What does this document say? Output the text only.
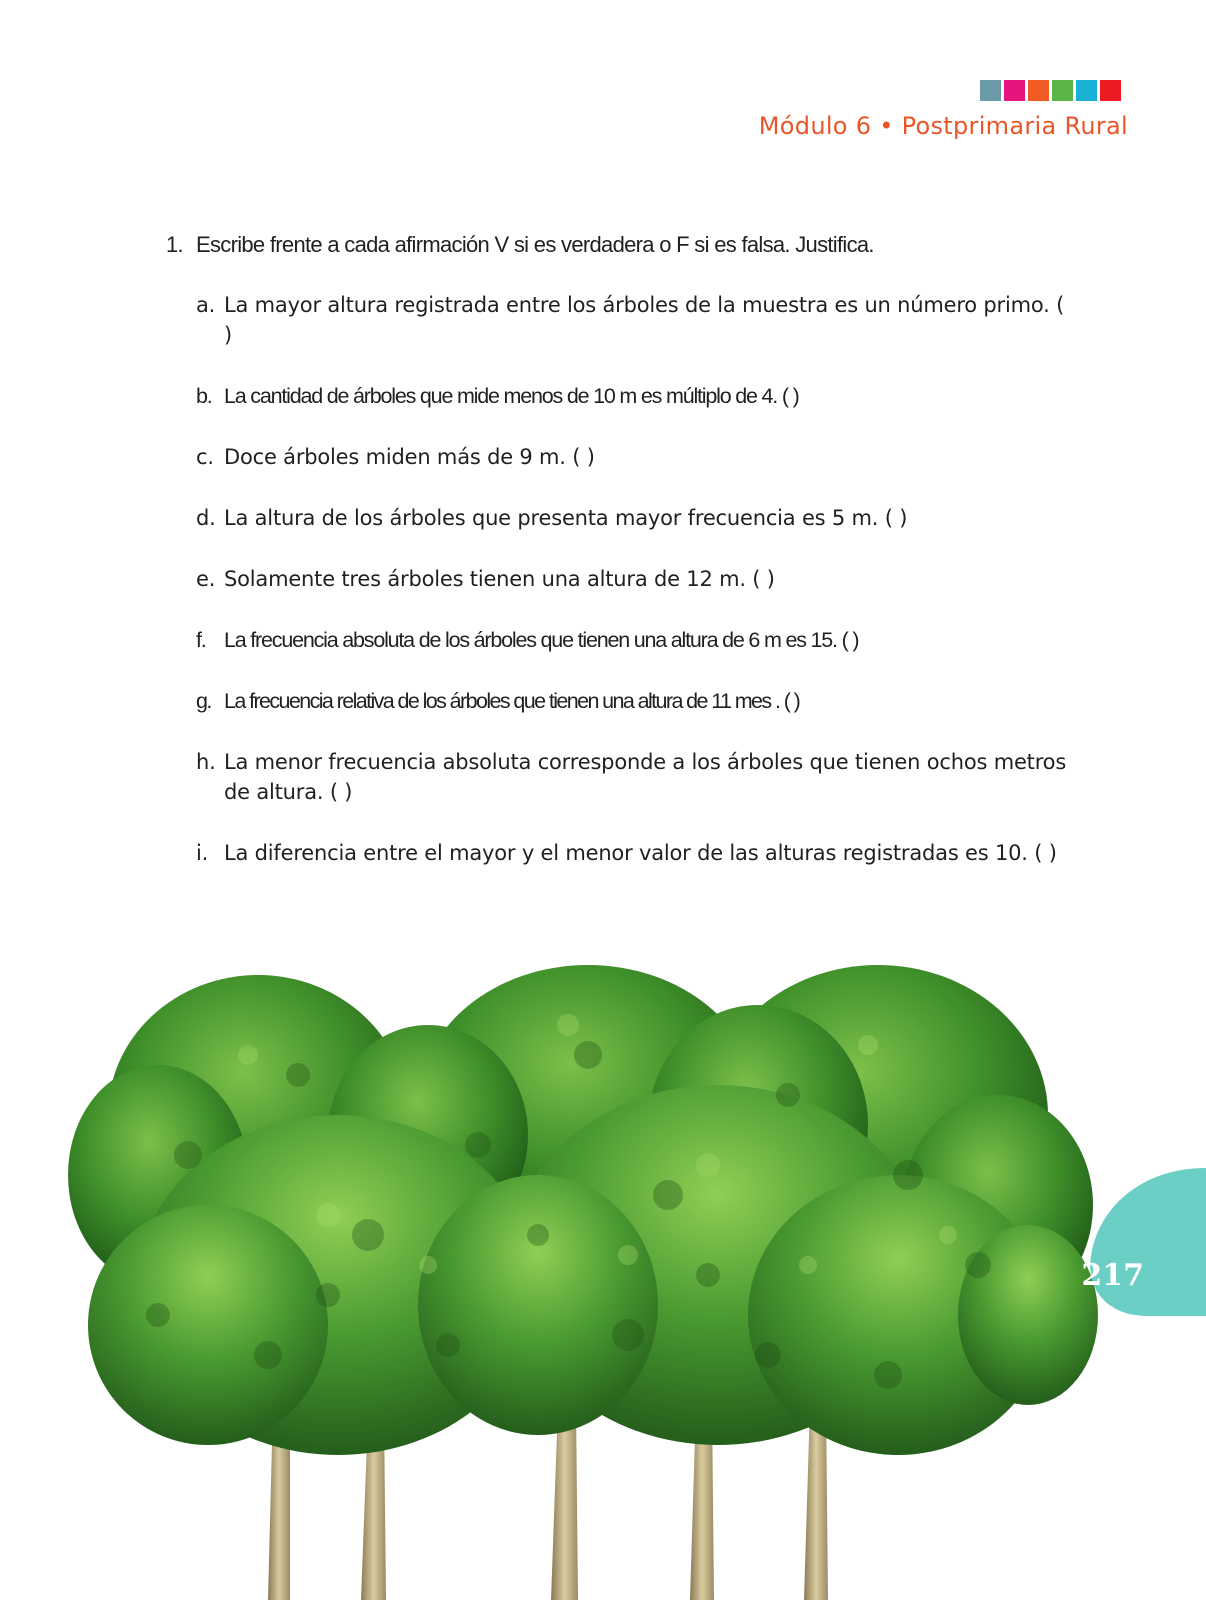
Módulo 6 • Postprimaria Rural
1. Escribe frente a cada afirmación V si es verdadera o F si es falsa. Justifica.
a. La mayor altura registrada entre los árboles de la muestra es un número primo. ( )
b. La cantidad de árboles que mide menos de 10 m es múltiplo de 4. ( )
c. Doce árboles miden más de 9 m. ( )
d. La altura de los árboles que presenta mayor frecuencia es 5 m. ( )
e. Solamente tres árboles tienen una altura de 12 m. ( )
f. La frecuencia absoluta de los árboles que tienen una altura de 6 m es 15. ( )
g. La frecuencia relativa de los árboles que tienen una altura de 11 mes . ( )
h. La menor frecuencia absoluta corresponde a los árboles que tienen ochos metros de altura. ( )
i. La diferencia entre el mayor y el menor valor de las alturas registradas es 10. ( )
217
